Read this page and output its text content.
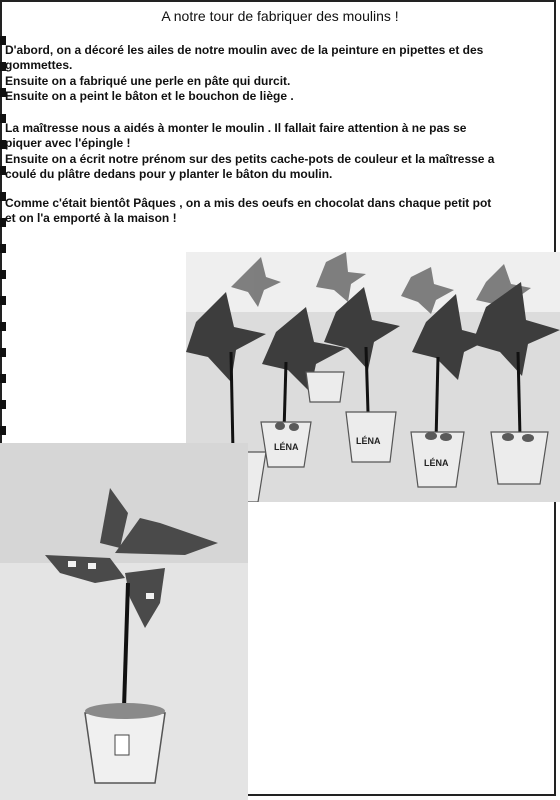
A notre tour de fabriquer des moulins !
D'abord, on a décoré les ailes de notre moulin avec de la peinture en pipettes et des
gommettes.
Ensuite on a fabriqué une perle en pâte qui durcit.
Ensuite on a peint le bâton et le bouchon de liège .
La maîtresse nous a aidés à monter le moulin . Il fallait faire attention à ne pas se
piquer avec l'épingle !
Ensuite on a écrit notre prénom sur des petits cache-pots de couleur et la maîtresse a
coulé du plâtre dedans pour y planter le bâton du moulin.
Comme c'était bientôt Pâques , on a mis des oeufs en chocolat dans chaque petit pot
et on l'a emporté à la maison !
LÉNA
LÉNA
LÉNA
